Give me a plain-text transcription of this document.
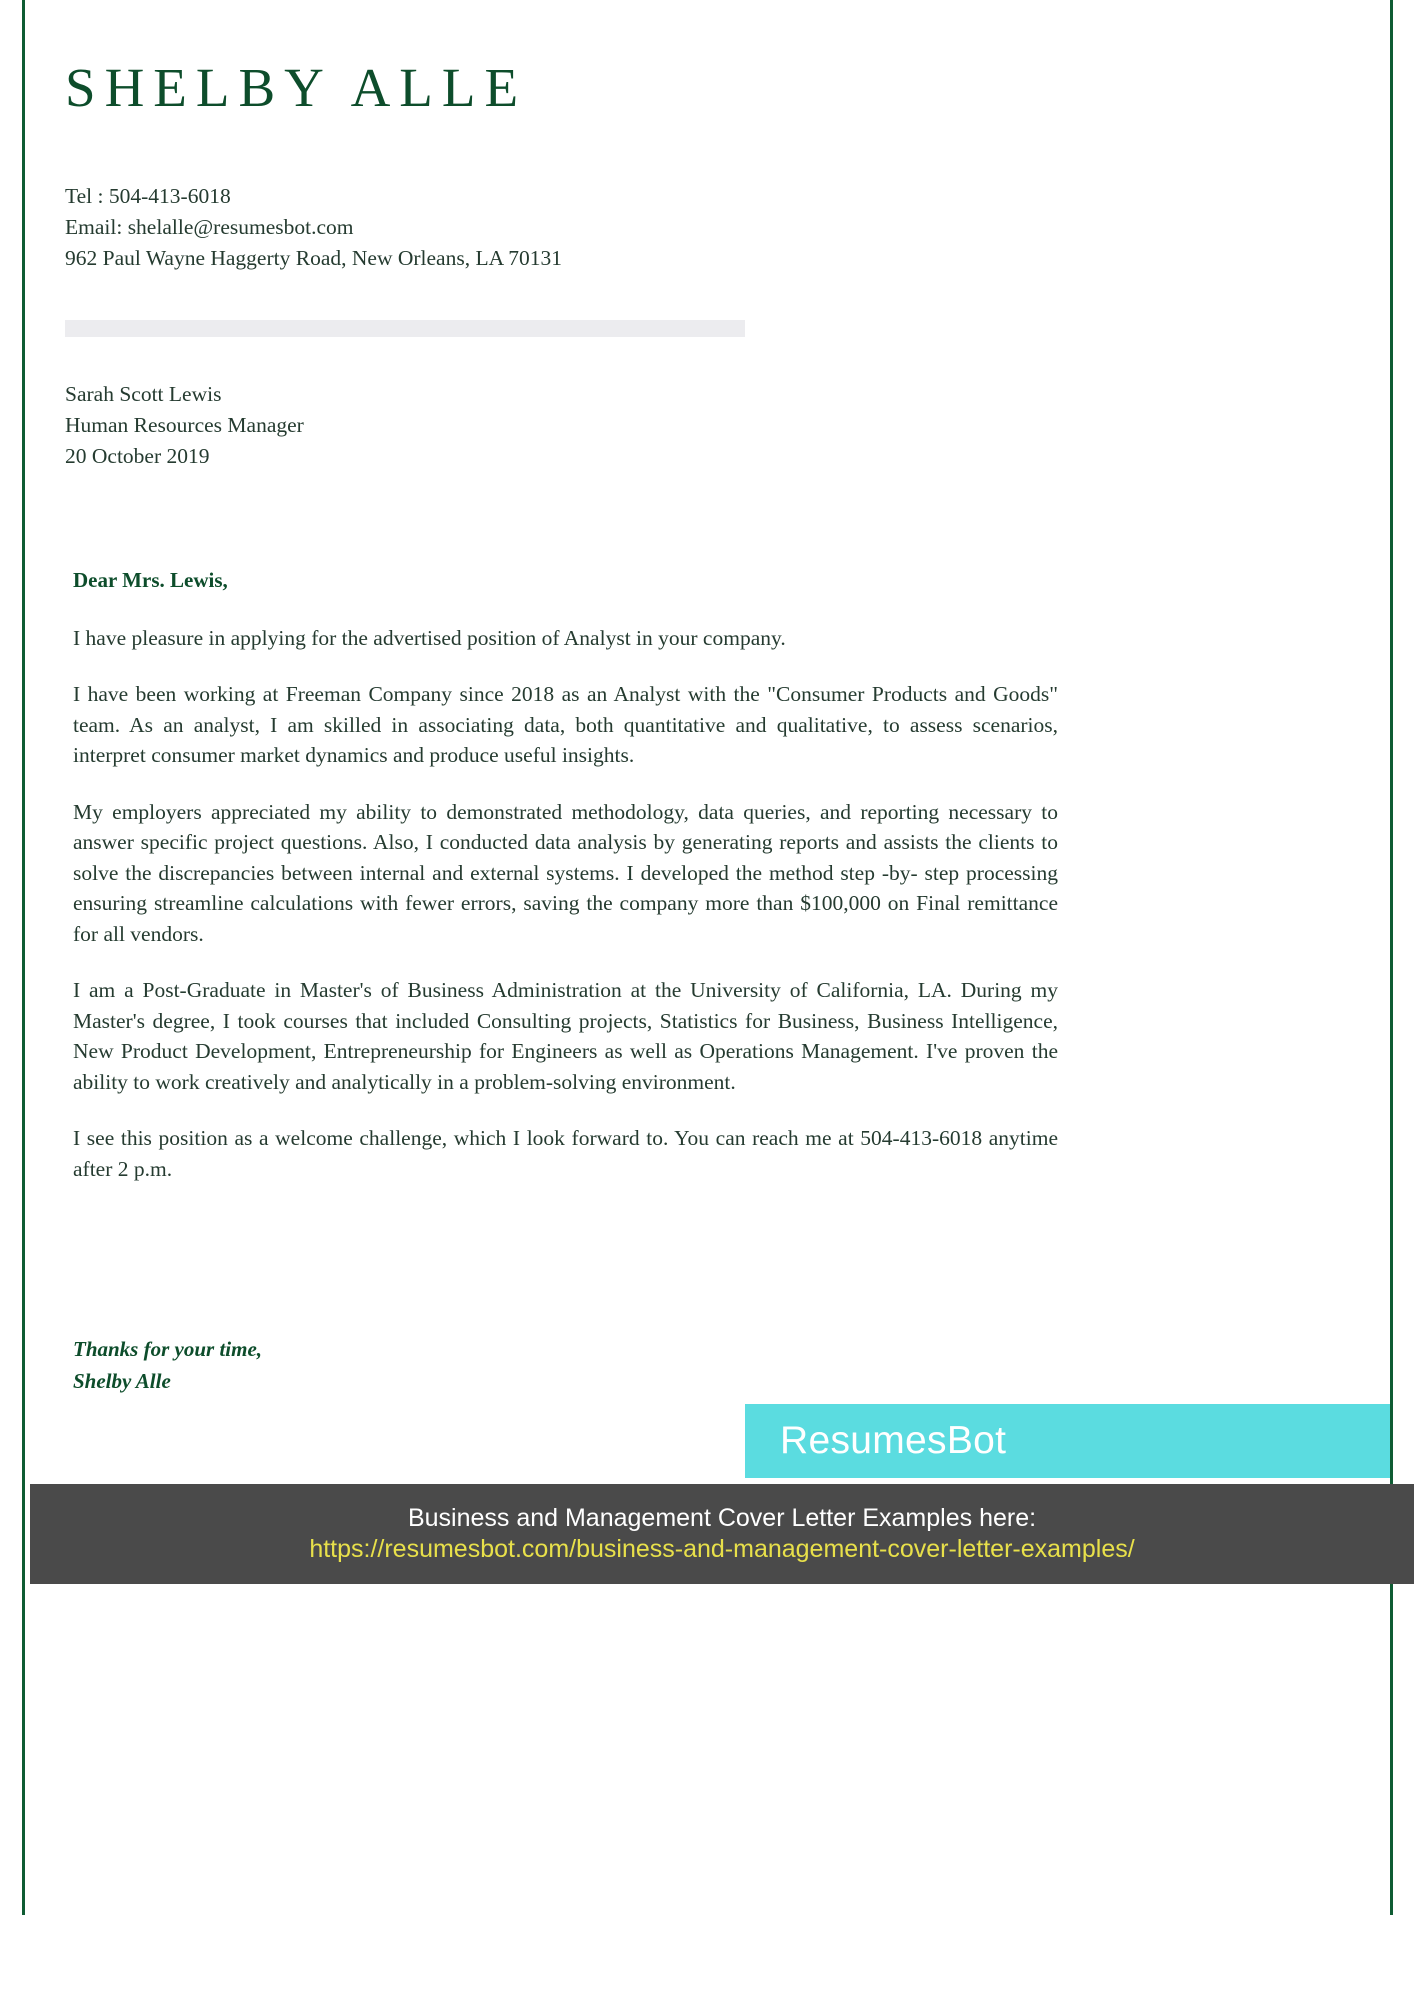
SHELBY ALLE
Tel : 504-413-6018
Email: shelalle@resumesbot.com
962 Paul Wayne Haggerty Road, New Orleans, LA 70131
Sarah Scott Lewis
Human Resources Manager
20 October 2019
Dear Mrs. Lewis,

I have pleasure in applying for the advertised position of Analyst in your company.

I have been working at Freeman Company since 2018 as an Analyst with the "Consumer Products and Goods" team. As an analyst, I am skilled in associating data, both quantitative and qualitative, to assess scenarios, interpret consumer market dynamics and produce useful insights.

My employers appreciated my ability to demonstrated methodology, data queries, and reporting necessary to answer specific project questions. Also, I conducted data analysis by generating reports and assists the clients to solve the discrepancies between internal and external systems. I developed the method step -by- step processing ensuring streamline calculations with fewer errors, saving the company more than $100,000 on Final remittance for all vendors.

I am a Post-Graduate in Master's of Business Administration at the University of California, LA. During my Master's degree, I took courses that included Consulting projects, Statistics for Business, Business Intelligence, New Product Development, Entrepreneurship for Engineers as well as Operations Management. I've proven the ability to work creatively and analytically in a problem-solving environment.

I see this position as a welcome challenge, which I look forward to. You can reach me at 504-413-6018 anytime after 2 p.m.

Thanks for your time,
Shelby Alle
ResumesBot
Business and Management Cover Letter Examples here:
https://resumesbot.com/business-and-management-cover-letter-examples/
